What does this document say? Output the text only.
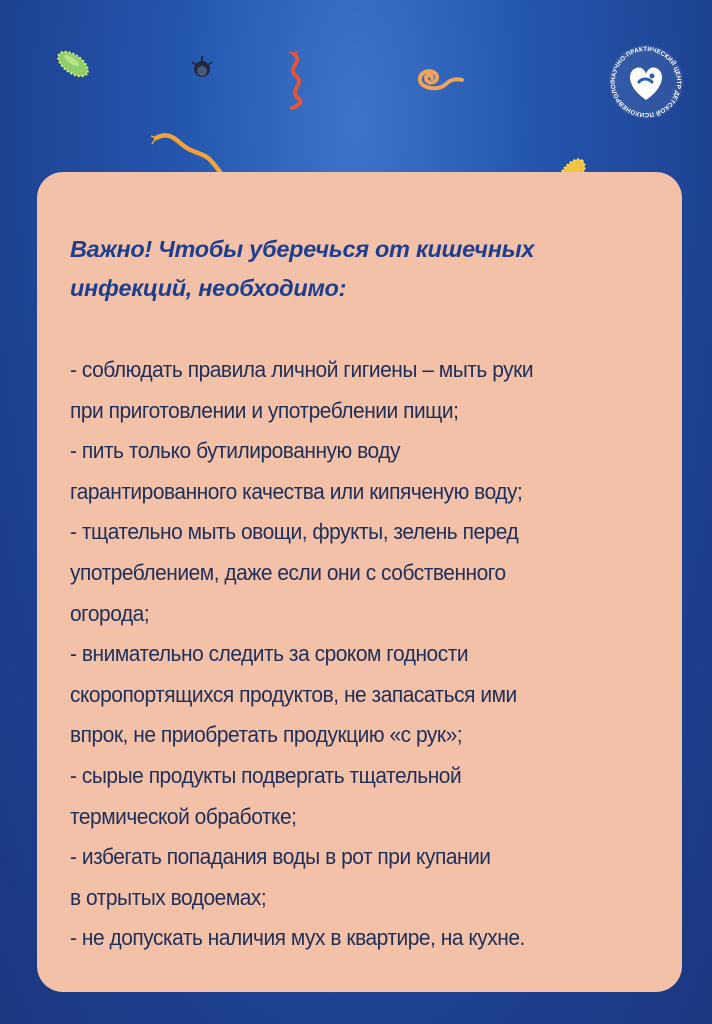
НАУЧНО-ПРАКТИЧЕСКИЙ ЦЕНТР ДЕТСКОЙ ПСИХОНЕВРОЛОГ

Важно! Чтобы уберечься от кишечных
инфекций, необходимо:

- соблюдать правила личной гигиены – мыть руки
при приготовлении и употреблении пищи;
- пить только бутилированную воду
гарантированного качества или кипяченую воду;
- тщательно мыть овощи, фрукты, зелень перед
употреблением, даже если они с собственного
огорода;
- внимательно следить за сроком годности
скоропортящихся продуктов, не запасаться ими
впрок, не приобретать продукцию «с рук»;
- сырые продукты подвергать тщательной
термической обработке;
- избегать попадания воды в рот при купании
в отрытых водоемах;
- не допускать наличия мух в квартире, на кухне.
